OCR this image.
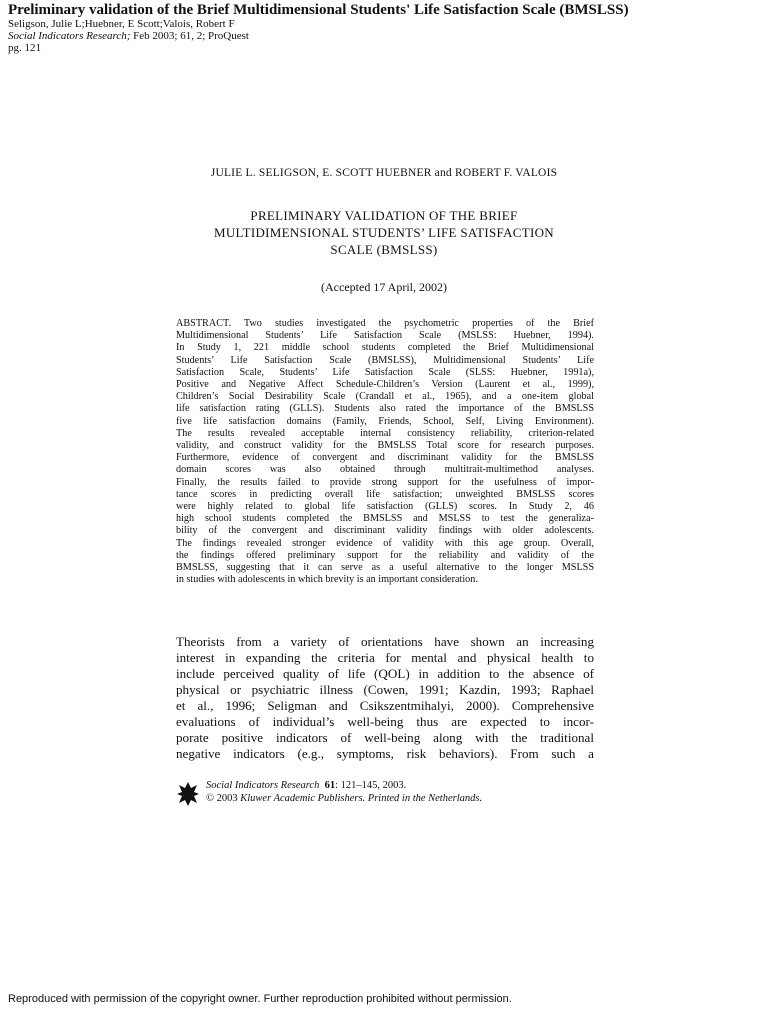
Preliminary validation of the Brief Multidimensional Students' Life Satisfaction Scale (BMSLSS)
Seligson, Julie L;Huebner, E Scott;Valois, Robert F
Social Indicators Research; Feb 2003; 61, 2; ProQuest
pg. 121
JULIE L. SELIGSON, E. SCOTT HUEBNER and ROBERT F. VALOIS
PRELIMINARY VALIDATION OF THE BRIEF
MULTIDIMENSIONAL STUDENTS’ LIFE SATISFACTION
SCALE (BMSLSS)
(Accepted 17 April, 2002)
ABSTRACT. Two studies investigated the psychometric properties of the Brief
Multidimensional Students’ Life Satisfaction Scale (MSLSS: Huebner, 1994).
In Study 1, 221 middle school students completed the Brief Multidimensional
Students’ Life Satisfaction Scale (BMSLSS), Multidimensional Students’ Life
Satisfaction Scale, Students’ Life Satisfaction Scale (SLSS: Huebner, 1991a),
Positive and Negative Affect Schedule-Children’s Version (Laurent et al., 1999),
Children’s Social Desirability Scale (Crandall et al., 1965), and a one-item global
life satisfaction rating (GLLS). Students also rated the importance of the BMSLSS
five life satisfaction domains (Family, Friends, School, Self, Living Environment).
The results revealed acceptable internal consistency reliability, criterion-related
validity, and construct validity for the BMSLSS Total score for research purposes.
Furthermore, evidence of convergent and discriminant validity for the BMSLSS
domain scores was also obtained through multitrait-multimethod analyses.
Finally, the results failed to provide strong support for the usefulness of impor-
tance scores in predicting overall life satisfaction; unweighted BMSLSS scores
were highly related to global life satisfaction (GLLS) scores. In Study 2, 46
high school students completed the BMSLSS and MSLSS to test the generaliza-
bility of the convergent and discriminant validity findings with older adolescents.
The findings revealed stronger evidence of validity with this age group. Overall,
the findings offered preliminary support for the reliability and validity of the
BMSLSS, suggesting that it can serve as a useful alternative to the longer MSLSS
in studies with adolescents in which brevity is an important consideration.
Theorists from a variety of orientations have shown an increasing
interest in expanding the criteria for mental and physical health to
include perceived quality of life (QOL) in addition to the absence of
physical or psychiatric illness (Cowen, 1991; Kazdin, 1993; Raphael
et al., 1996; Seligman and Csikszentmihalyi, 2000). Comprehensive
evaluations of individual’s well-being thus are expected to incor-
porate positive indicators of well-being along with the traditional
negative indicators (e.g., symptoms, risk behaviors). From such a
Social Indicators Research 61: 121–145, 2003.
© 2003 Kluwer Academic Publishers. Printed in the Netherlands.
Reproduced with permission of the copyright owner. Further reproduction prohibited without permission.
